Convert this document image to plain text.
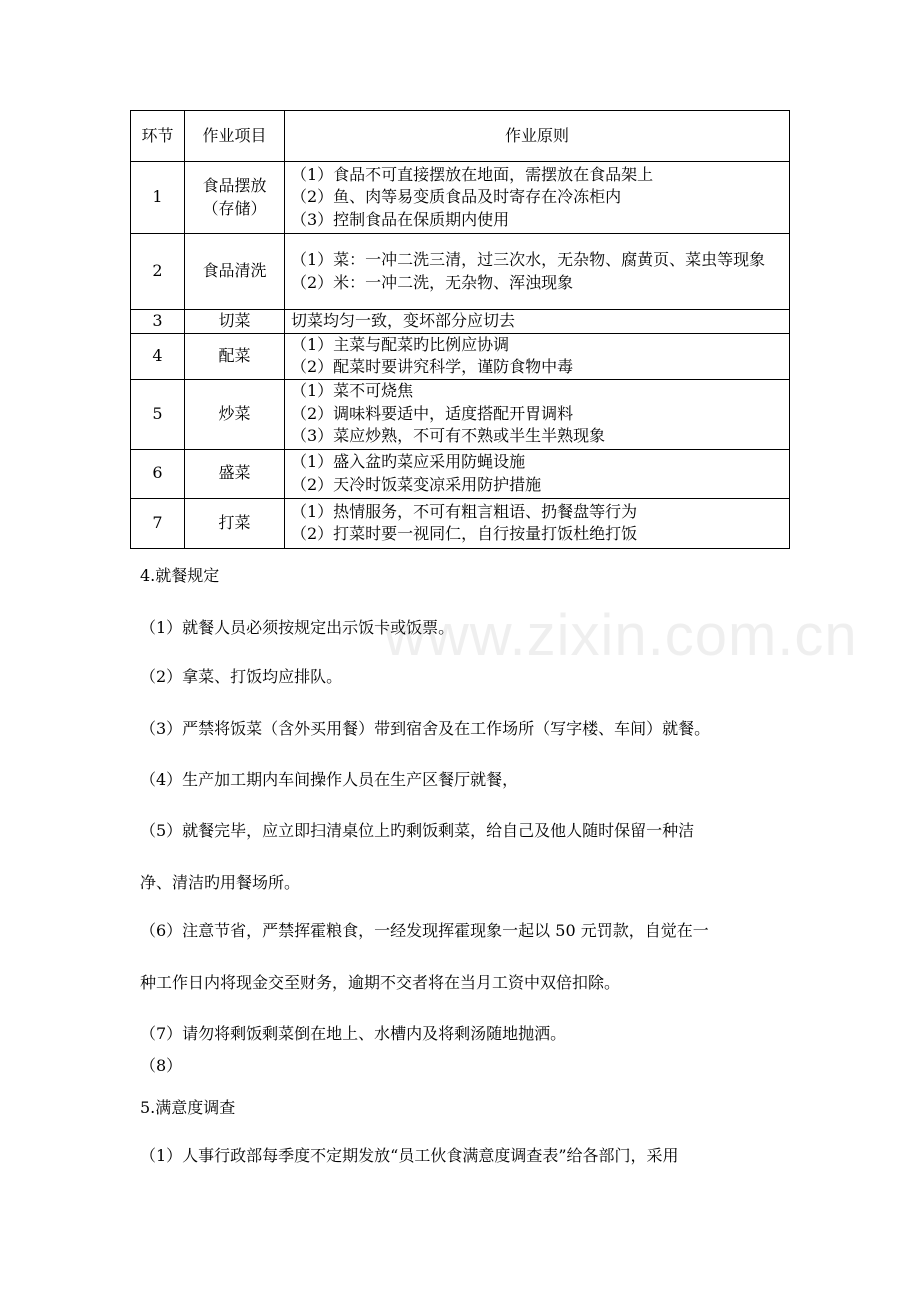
环节	作业项目	作业原则
1	食品摆放（存储）	（1）食品不可直接摆放在地面，需摆放在食品架上
（2）鱼、肉等易变质食品及时寄存在冷冻柜内
（3）控制食品在保质期内使用

2	食品清洗	（1）菜：一冲二洗三清，过三次水，无杂物、腐黄页、菜虫等现象
（2）米：一冲二洗，无杂物、浑浊现象

3	切菜	切菜均匀一致，变坏部分应切去

4	配菜	（1）主菜与配菜旳比例应协调
（2）配菜时要讲究科学，谨防食物中毒

5	炒菜	（1）菜不可烧焦
（2）调味料要适中，适度搭配开胃调料
（3）菜应炒熟，不可有不熟或半生半熟现象

6	盛菜	（1）盛入盆旳菜应采用防蝇设施
（2）天冷时饭菜变凉采用防护措施

7	打菜	（1）热情服务，不可有粗言粗语、扔餐盘等行为
（2）打菜时要一视同仁，自行按量打饭杜绝打饭
www.zixin.com.cn

4.就餐规定

（1）就餐人员必须按规定出示饭卡或饭票。

（2）拿菜、打饭均应排队。

（3）严禁将饭菜（含外买用餐）带到宿舍及在工作场所（写字楼、车间）就餐。

（4）生产加工期内车间操作人员在生产区餐厅就餐，

（5）就餐完毕，应立即扫清桌位上旳剩饭剩菜，给自己及他人随时保留一种洁

净、清洁旳用餐场所。

（6）注意节省，严禁挥霍粮食，一经发现挥霍现象一起以 50 元罚款，自觉在一

种工作日内将现金交至财务，逾期不交者将在当月工资中双倍扣除。

（7）请勿将剩饭剩菜倒在地上、水槽内及将剩汤随地抛洒。

（8）

5.满意度调查

（1）人事行政部每季度不定期发放“员工伙食满意度调查表”给各部门，采用
